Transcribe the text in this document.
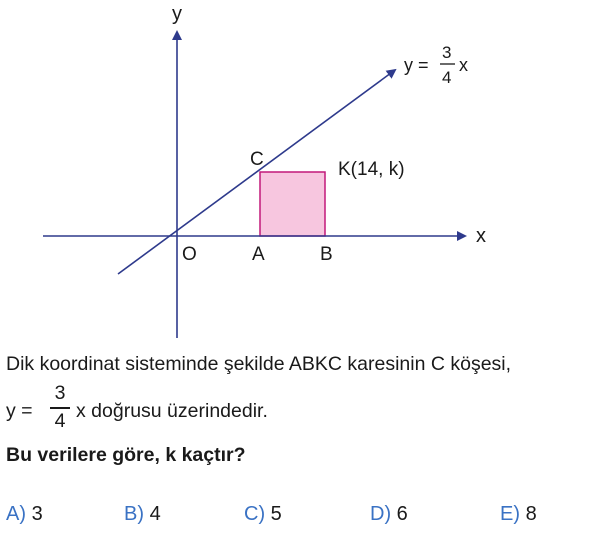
y
x
O	A	B
C	K(14, k)
y =
3
4
x
Dik koordinat sisteminde şekilde ABKC karesinin C köşesi,
y =
3
4 x doğrusu üzerindedir.
Bu verilere göre, k kaçtır?
A) 3	B) 4	C) 5	D) 6	E) 8
